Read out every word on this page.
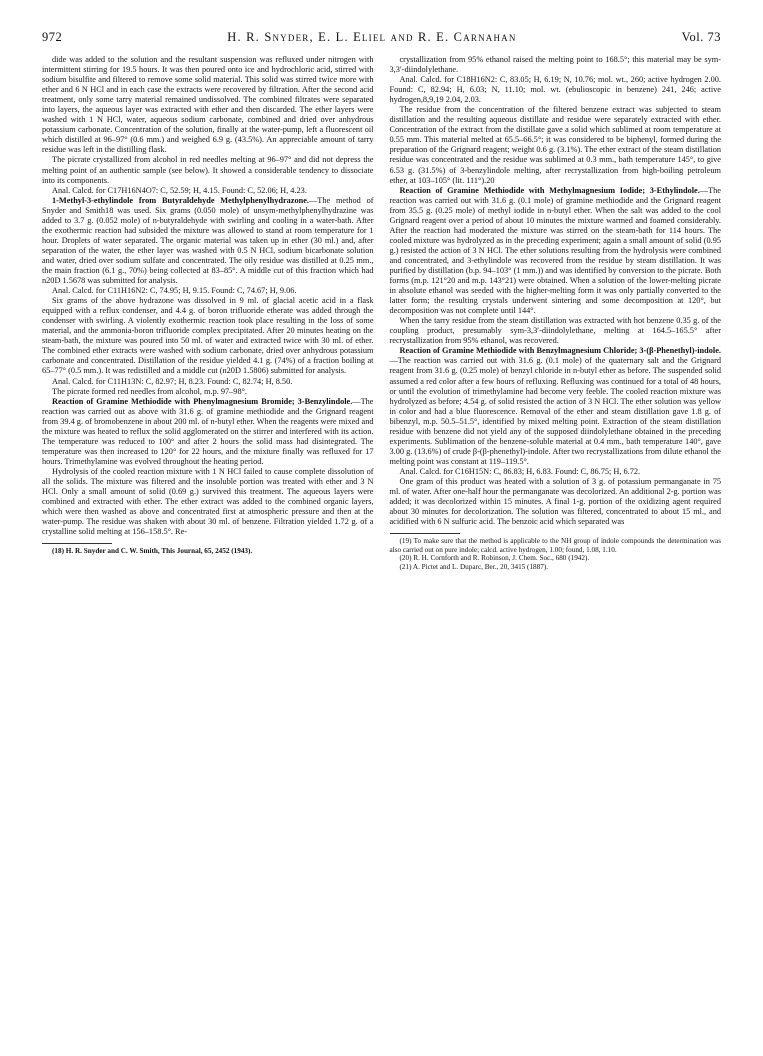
972	H. R. Snyder, E. L. Eliel and R. E. Carnahan	Vol. 73

dide was added to the solution and the resultant suspension was refluxed under nitrogen with intermittent stirring for 19.5 hours. It was then poured onto ice and hydrochloric acid, stirred with sodium bisulfite and filtered to remove some solid material. This solid was stirred twice more with ether and 6 N HCl and in each case the extracts were recovered by filtration. After the second acid treatment, only some tarry material remained undissolved. The combined filtrates were separated into layers, the aqueous layer was extracted with ether and then discarded. The ether layers were washed with 1 N HCl, water, aqueous sodium carbonate, combined and dried over anhydrous potassium carbonate. Concentration of the solution, finally at the water-pump, left a fluorescent oil which distilled at 96–97° (0.6 mm.) and weighed 6.9 g. (43.5%). An appreciable amount of tarry residue was left in the distilling flask.

The picrate crystallized from alcohol in red needles melting at 96–97° and did not depress the melting point of an authentic sample (see below). It showed a considerable tendency to dissociate into its components.

Anal. Calcd. for C17H16N4O7: C, 52.59; H, 4.15. Found: C, 52.06; H, 4.23.

1-Methyl-3-ethylindole from Butyraldehyde Methylphenylhydrazone.—The method of Snyder and Smith18 was used. Six grams (0.050 mole) of unsym-methylphenylhydrazine was added to 3.7 g. (0.052 mole) of n-butyraldehyde with swirling and cooling in a water-bath. After the exothermic reaction had subsided the mixture was allowed to stand at room temperature for 1 hour. Droplets of water separated. The organic material was taken up in ether (30 ml.) and, after separation of the water, the ether layer was washed with 0.5 N HCl, sodium bicarbonate solution and water, dried over sodium sulfate and concentrated. The oily residue was distilled at 0.25 mm., the main fraction (6.1 g., 70%) being collected at 83–85°. A middle cut of this fraction which had n20D 1.5678 was submitted for analysis.

Anal. Calcd. for C11H16N2: C, 74.95; H, 9.15. Found: C, 74.67; H, 9.06.

Six grams of the above hydrazone was dissolved in 9 ml. of glacial acetic acid in a flask equipped with a reflux condenser, and 4.4 g. of boron trifluoride etherate was added through the condenser with swirling. A violently exothermic reaction took place resulting in the loss of some material, and the ammonia-boron trifluoride complex precipitated. After 20 minutes heating on the steam-bath, the mixture was poured into 50 ml. of water and extracted twice with 30 ml. of ether. The combined ether extracts were washed with sodium carbonate, dried over anhydrous potassium carbonate and concentrated. Distillation of the residue yielded 4.1 g. (74%) of a fraction boiling at 65–77° (0.5 mm.). It was redistilled and a middle cut (n20D 1.5806) submitted for analysis.

Anal. Calcd. for C11H13N: C, 82.97; H, 8.23. Found: C, 82.74; H, 8.50.

The picrate formed red needles from alcohol, m.p. 97–98°.

Reaction of Gramine Methiodide with Phenylmagnesium Bromide; 3-Benzylindole.—The reaction was carried out as above with 31.6 g. of gramine methiodide and the Grignard reagent from 39.4 g. of bromobenzene in about 200 ml. of n-butyl ether. When the reagents were mixed and the mixture was heated to reflux the solid agglomerated on the stirrer and interfered with its action. The temperature was reduced to 100° and after 2 hours the solid mass had disintegrated. The temperature was then increased to 120° for 22 hours, and the mixture finally was refluxed for 17 hours. Trimethylamine was evolved throughout the heating period.

Hydrolysis of the cooled reaction mixture with 1 N HCl failed to cause complete dissolution of all the solids. The mixture was filtered and the insoluble portion was treated with ether and 3 N HCl. Only a small amount of solid (0.69 g.) survived this treatment. The aqueous layers were combined and extracted with ether. The ether extract was added to the combined organic layers, which were then washed as above and concentrated first at atmospheric pressure and then at the water-pump. The residue was shaken with about 30 ml. of benzene. Filtration yielded 1.72 g. of a crystalline solid melting at 156–158.5°. Re-

(18) H. R. Snyder and C. W. Smith, This Journal, 65, 2452 (1943).

crystallization from 95% ethanol raised the melting point to 168.5°; this material may be sym-3,3′-diindolylethane.

Anal. Calcd. for C18H16N2: C, 83.05; H, 6.19; N, 10.76; mol. wt., 260; active hydrogen 2.00. Found: C, 82.94; H, 6.03; N, 11.10; mol. wt. (ebulioscopic in benzene) 241, 246; active hydrogen,8,9,19 2.04, 2.03.

The residue from the concentration of the filtered benzene extract was subjected to steam distillation and the resulting aqueous distillate and residue were separately extracted with ether. Concentration of the extract from the distillate gave a solid which sublimed at room temperature at 0.55 mm. This material melted at 65.5–66.5°; it was considered to be biphenyl, formed during the preparation of the Grignard reagent; weight 0.6 g. (3.1%). The ether extract of the steam distillation residue was concentrated and the residue was sublimed at 0.3 mm., bath temperature 145°, to give 6.53 g. (31.5%) of 3-benzylindole melting, after recrystallization from high-boiling petroleum ether, at 103–105° (lit. 111°).20

Reaction of Gramine Methiodide with Methylmagnesium Iodide; 3-Ethylindole.—The reaction was carried out with 31.6 g. (0.1 mole) of gramine methiodide and the Grignard reagent from 35.5 g. (0.25 mole) of methyl iodide in n-butyl ether. When the salt was added to the cool Grignard reagent over a period of about 10 minutes the mixture warmed and foamed considerably. After the reaction had moderated the mixture was stirred on the steam-bath for 114 hours. The cooled mixture was hydrolyzed as in the preceding experiment; again a small amount of solid (0.95 g.) resisted the action of 3 N HCl. The ether solutions resulting from the hydrolysis were combined and concentrated, and 3-ethylindole was recovered from the residue by steam distillation. It was purified by distillation (b.p. 94–103° (1 mm.)) and was identified by conversion to the picrate. Both forms (m.p. 121°20 and m.p. 143°21) were obtained. When a solution of the lower-melting picrate in absolute ethanol was seeded with the higher-melting form it was only partially converted to the latter form; the resulting crystals underwent sintering and some decomposition at 120°, but decomposition was not complete until 144°.

When the tarry residue from the steam distillation was extracted with hot benzene 0.35 g. of the coupling product, presumably sym-3,3′-diindolylethane, melting at 164.5–165.5° after recrystallization from 95% ethanol, was recovered.

Reaction of Gramine Methiodide with Benzylmagnesium Chloride; 3-(β-Phenethyl)-indole.—The reaction was carried out with 31.6 g. (0.1 mole) of the quaternary salt and the Grignard reagent from 31.6 g. (0.25 mole) of benzyl chloride in n-butyl ether as before. The suspended solid assumed a red color after a few hours of refluxing. Refluxing was continued for a total of 48 hours, or until the evolution of trimethylamine had become very feeble. The cooled reaction mixture was hydrolyzed as before; 4.54 g. of solid resisted the action of 3 N HCl. The ether solution was yellow in color and had a blue fluorescence. Removal of the ether and steam distillation gave 1.8 g. of bibenzyl, m.p. 50.5–51.5°, identified by mixed melting point. Extraction of the steam distillation residue with benzene did not yield any of the supposed diindolylethane obtained in the preceding experiments. Sublimation of the benzene-soluble material at 0.4 mm., bath temperature 140°, gave 3.00 g. (13.6%) of crude β-(β-phenethyl)-indole. After two recrystallizations from dilute ethanol the melting point was constant at 119–119.5°.

Anal. Calcd. for C16H15N: C, 86.83; H, 6.83. Found: C, 86.75; H, 6.72.

One gram of this product was heated with a solution of 3 g. of potassium permanganate in 75 ml. of water. After one-half hour the permanganate was decolorized. An additional 2-g. portion was added; it was decolorized within 15 minutes. A final 1-g. portion of the oxidizing agent required about 30 minutes for decolorization. The solution was filtered, concentrated to about 15 ml., and acidified with 6 N sulfuric acid. The benzoic acid which separated was

(19) To make sure that the method is applicable to the NH group of indole compounds the determination was also carried out on pure indole; calcd. active hydrogen, 1.00; found, 1.08, 1.10.

(20) R. H. Cornforth and R. Robinson, J. Chem. Soc., 680 (1942).

(21) A. Pictet and L. Duparc, Ber., 20, 3415 (1887).
